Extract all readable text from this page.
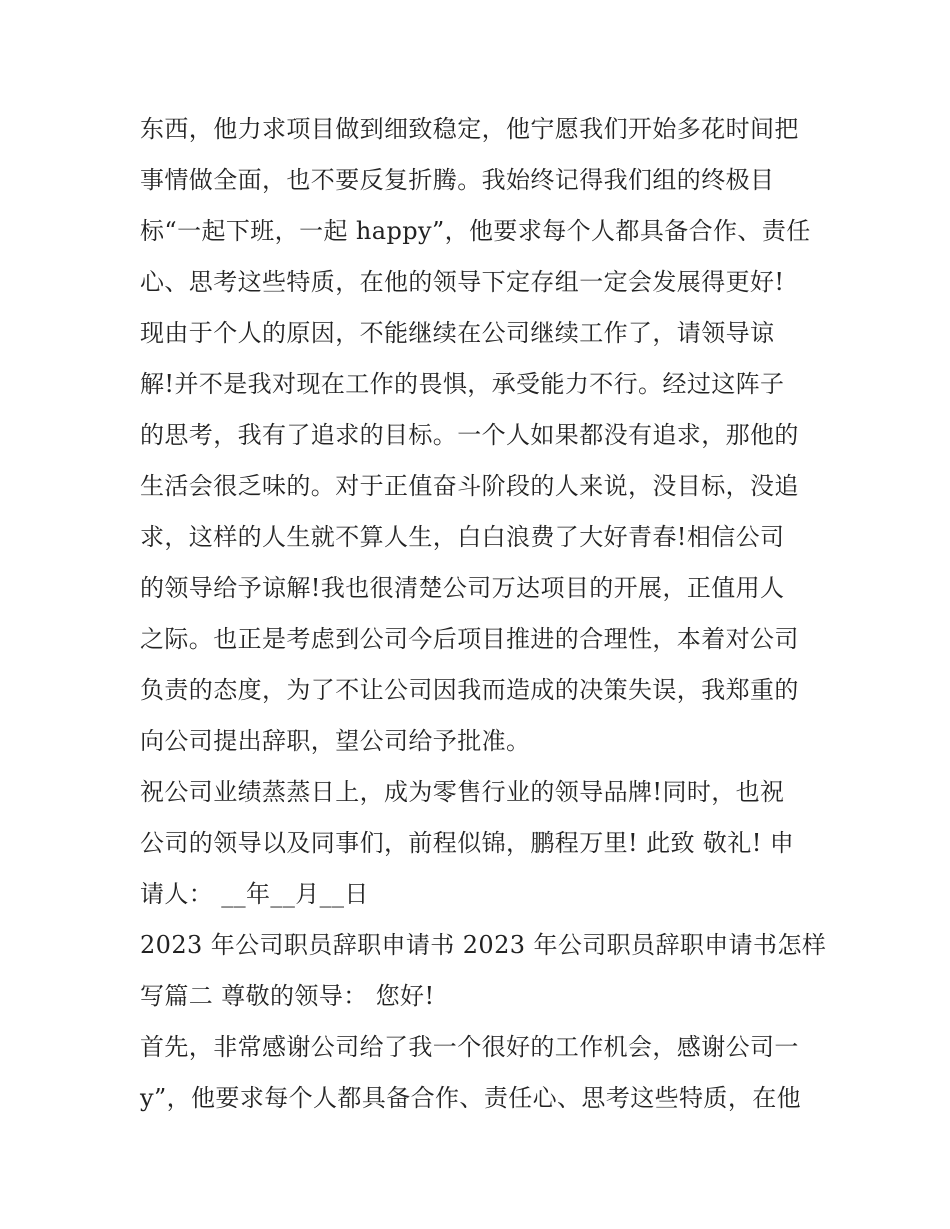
东西，他力求项目做到细致稳定，他宁愿我们开始多花时间把
事情做全面，也不要反复折腾。我始终记得我们组的终极目
标“一起下班，一起 happy”，他要求每个人都具备合作、责任
心、思考这些特质，在他的领导下定存组一定会发展得更好!
现由于个人的原因，不能继续在公司继续工作了，请领导谅
解!并不是我对现在工作的畏惧，承受能力不行。经过这阵子
的思考，我有了追求的目标。一个人如果都没有追求，那他的
生活会很乏味的。对于正值奋斗阶段的人来说，没目标，没追
求，这样的人生就不算人生，白白浪费了大好青春!相信公司
的领导给予谅解!我也很清楚公司万达项目的开展，正值用人
之际。也正是考虑到公司今后项目推进的合理性，本着对公司
负责的态度，为了不让公司因我而造成的决策失误，我郑重的
向公司提出辞职，望公司给予批准。
祝公司业绩蒸蒸日上，成为零售行业的领导品牌!同时，也祝
公司的领导以及同事们，前程似锦，鹏程万里! 此致 敬礼! 申
请人： __年__月__日
2023 年公司职员辞职申请书 2023 年公司职员辞职申请书怎样
写篇二 尊敬的领导： 您好!
首先，非常感谢公司给了我一个很好的工作机会，感谢公司一
y”，他要求每个人都具备合作、责任心、思考这些特质，在他
